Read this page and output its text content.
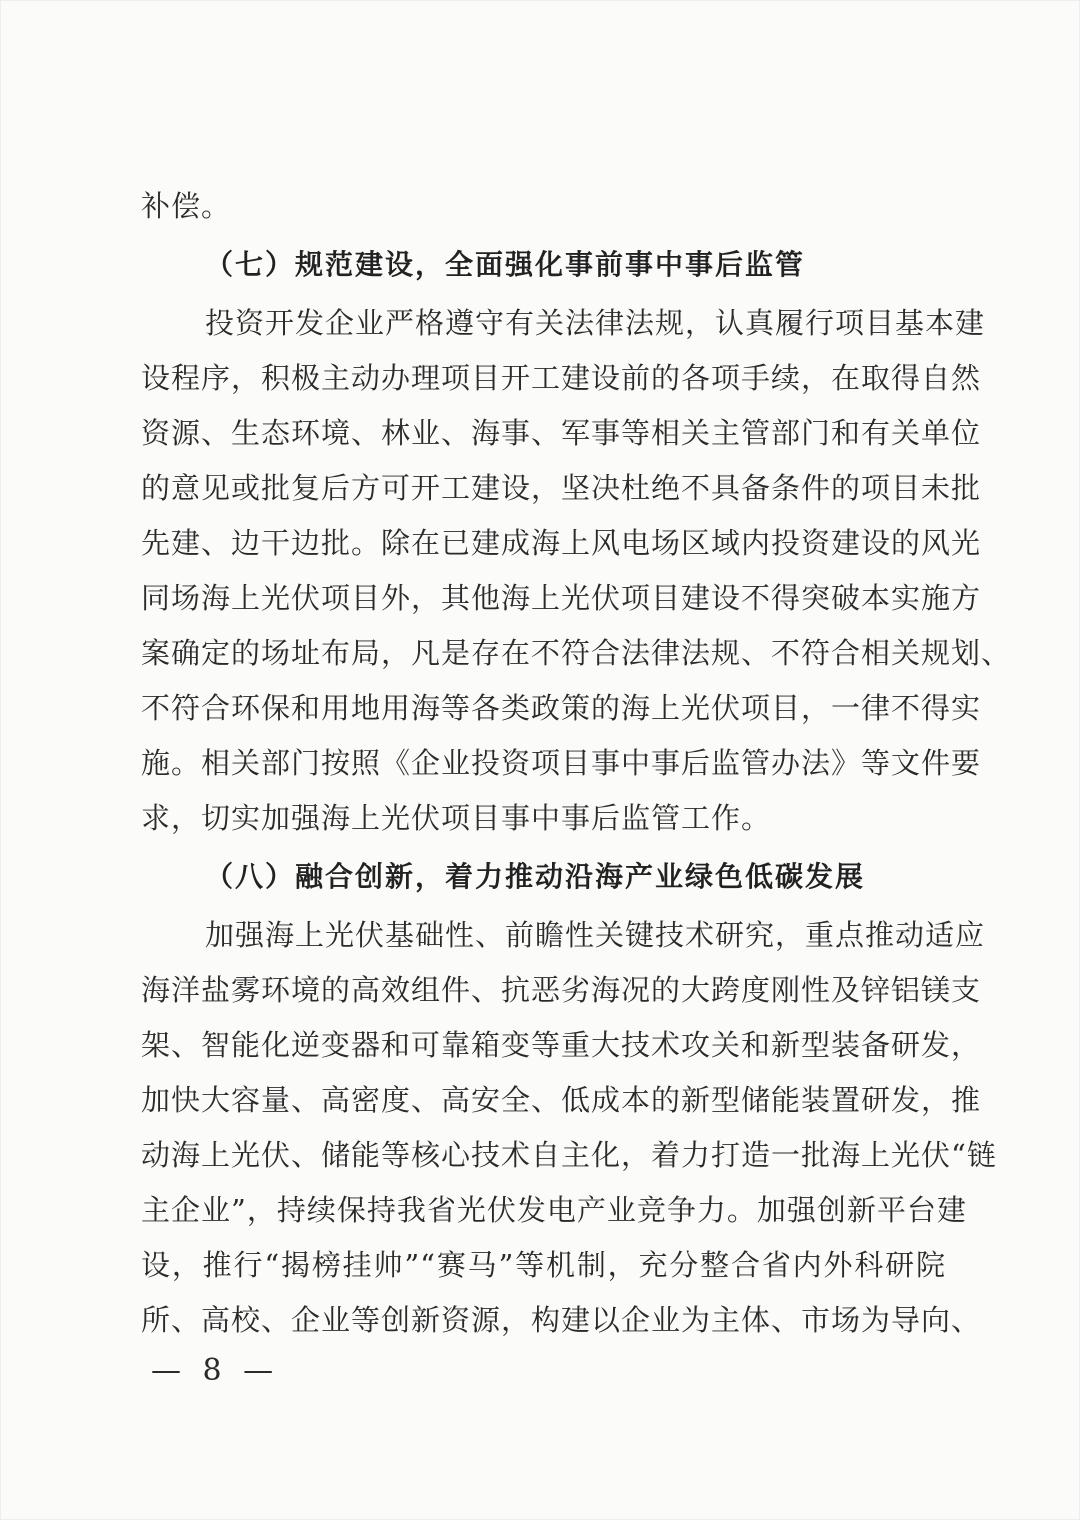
补偿。
（七）规范建设，全面强化事前事中事后监管
投资开发企业严格遵守有关法律法规，认真履行项目基本建
设程序，积极主动办理项目开工建设前的各项手续，在取得自然
资源、生态环境、林业、海事、军事等相关主管部门和有关单位
的意见或批复后方可开工建设，坚决杜绝不具备条件的项目未批
先建、边干边批。除在已建成海上风电场区域内投资建设的风光
同场海上光伏项目外，其他海上光伏项目建设不得突破本实施方
案确定的场址布局，凡是存在不符合法律法规、不符合相关规划、
不符合环保和用地用海等各类政策的海上光伏项目，一律不得实
施。相关部门按照《企业投资项目事中事后监管办法》等文件要
求，切实加强海上光伏项目事中事后监管工作。
（八）融合创新，着力推动沿海产业绿色低碳发展
加强海上光伏基础性、前瞻性关键技术研究，重点推动适应
海洋盐雾环境的高效组件、抗恶劣海况的大跨度刚性及锌铝镁支
架、智能化逆变器和可靠箱变等重大技术攻关和新型装备研发，
加快大容量、高密度、高安全、低成本的新型储能装置研发，推
动海上光伏、储能等核心技术自主化，着力打造一批海上光伏“链
主企业”，持续保持我省光伏发电产业竞争力。加强创新平台建
设，推行“揭榜挂帅”“赛马”等机制，充分整合省内外科研院
所、高校、企业等创新资源，构建以企业为主体、市场为导向、
— 8 —
